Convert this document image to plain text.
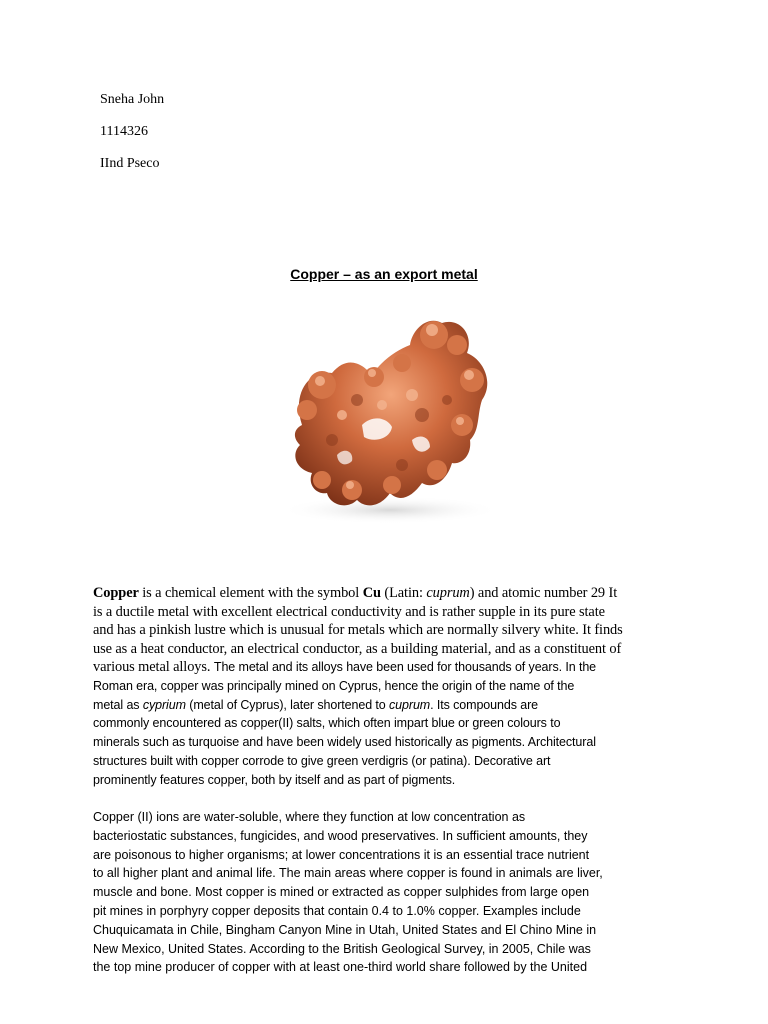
Sneha John

1114326

IInd Pseco

Copper – as an export metal

Copper is a chemical element with the symbol Cu (Latin: cuprum) and atomic number 29 It
is a ductile metal with excellent electrical conductivity and is rather supple in its pure state
and has a pinkish lustre which is unusual for metals which are normally silvery white. It finds
use as a heat conductor, an electrical conductor, as a building material, and as a constituent of
various metal alloys. The metal and its alloys have been used for thousands of years. In the
Roman era, copper was principally mined on Cyprus, hence the origin of the name of the
metal as cyprium (metal of Cyprus), later shortened to cuprum. Its compounds are
commonly encountered as copper(II) salts, which often impart blue or green colours to
minerals such as turquoise and have been widely used historically as pigments. Architectural
structures built with copper corrode to give green verdigris (or patina). Decorative art
prominently features copper, both by itself and as part of pigments.

Copper (II) ions are water-soluble, where they function at low concentration as
bacteriostatic substances, fungicides, and wood preservatives. In sufficient amounts, they
are poisonous to higher organisms; at lower concentrations it is an essential trace nutrient
to all higher plant and animal life. The main areas where copper is found in animals are liver,
muscle and bone. Most copper is mined or extracted as copper sulphides from large open
pit mines in porphyry copper deposits that contain 0.4 to 1.0% copper. Examples include
Chuquicamata in Chile, Bingham Canyon Mine in Utah, United States and El Chino Mine in
New Mexico, United States. According to the British Geological Survey, in 2005, Chile was
the top mine producer of copper with at least one-third world share followed by the United
